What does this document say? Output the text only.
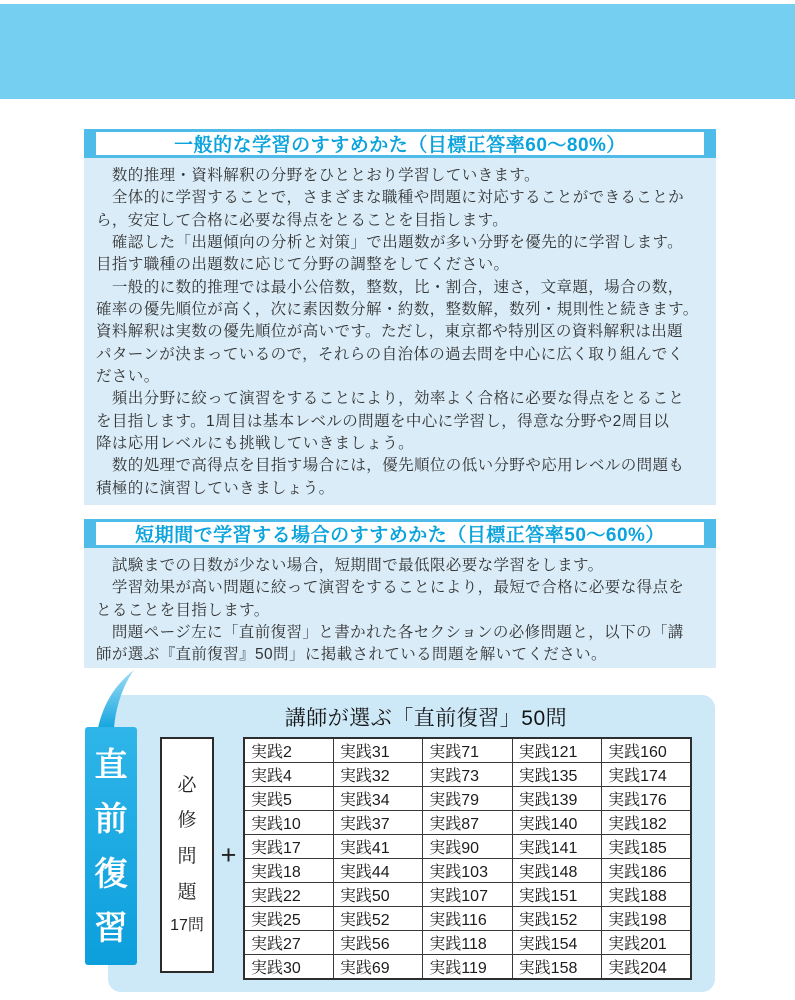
一般的な学習のすすめかた（目標正答率60～80%）
　数的推理・資料解釈の分野をひととおり学習していきます。
　全体的に学習することで，さまざまな職種や問題に対応することができることか
ら，安定して合格に必要な得点をとることを目指します。
　確認した「出題傾向の分析と対策」で出題数が多い分野を優先的に学習します。
目指す職種の出題数に応じて分野の調整をしてください。
　一般的に数的推理では最小公倍数，整数，比・割合，速さ，文章題，場合の数，
確率の優先順位が高く，次に素因数分解・約数，整数解，数列・規則性と続きます。
資料解釈は実数の優先順位が高いです。ただし，東京都や特別区の資料解釈は出題
パターンが決まっているので，それらの自治体の過去問を中心に広く取り組んでく
ださい。
　頻出分野に絞って演習をすることにより，効率よく合格に必要な得点をとること
を目指します。1周目は基本レベルの問題を中心に学習し，得意な分野や2周目以
降は応用レベルにも挑戦していきましょう。
　数的処理で高得点を目指す場合には，優先順位の低い分野や応用レベルの問題も
積極的に演習していきましょう。
短期間で学習する場合のすすめかた（目標正答率50～60%）
　試験までの日数が少ない場合，短期間で最低限必要な学習をします。
　学習効果が高い問題に絞って演習をすることにより，最短で合格に必要な得点を
とることを目指します。
　問題ページ左に「直前復習」と書かれた各セクションの必修問題と，以下の「講
師が選ぶ『直前復習』50問」に掲載されている問題を解いてください。
講師が選ぶ「直前復習」50問
直
前
復
習
必
修
問
題
17問
+
実践2	実践31	実践71	実践121	実践160
実践4	実践32	実践73	実践135	実践174
実践5	実践34	実践79	実践139	実践176
実践10	実践37	実践87	実践140	実践182
実践17	実践41	実践90	実践141	実践185
実践18	実践44	実践103	実践148	実践186
実践22	実践50	実践107	実践151	実践188
実践25	実践52	実践116	実践152	実践198
実践27	実践56	実践118	実践154	実践201
実践30	実践69	実践119	実践158	実践204
